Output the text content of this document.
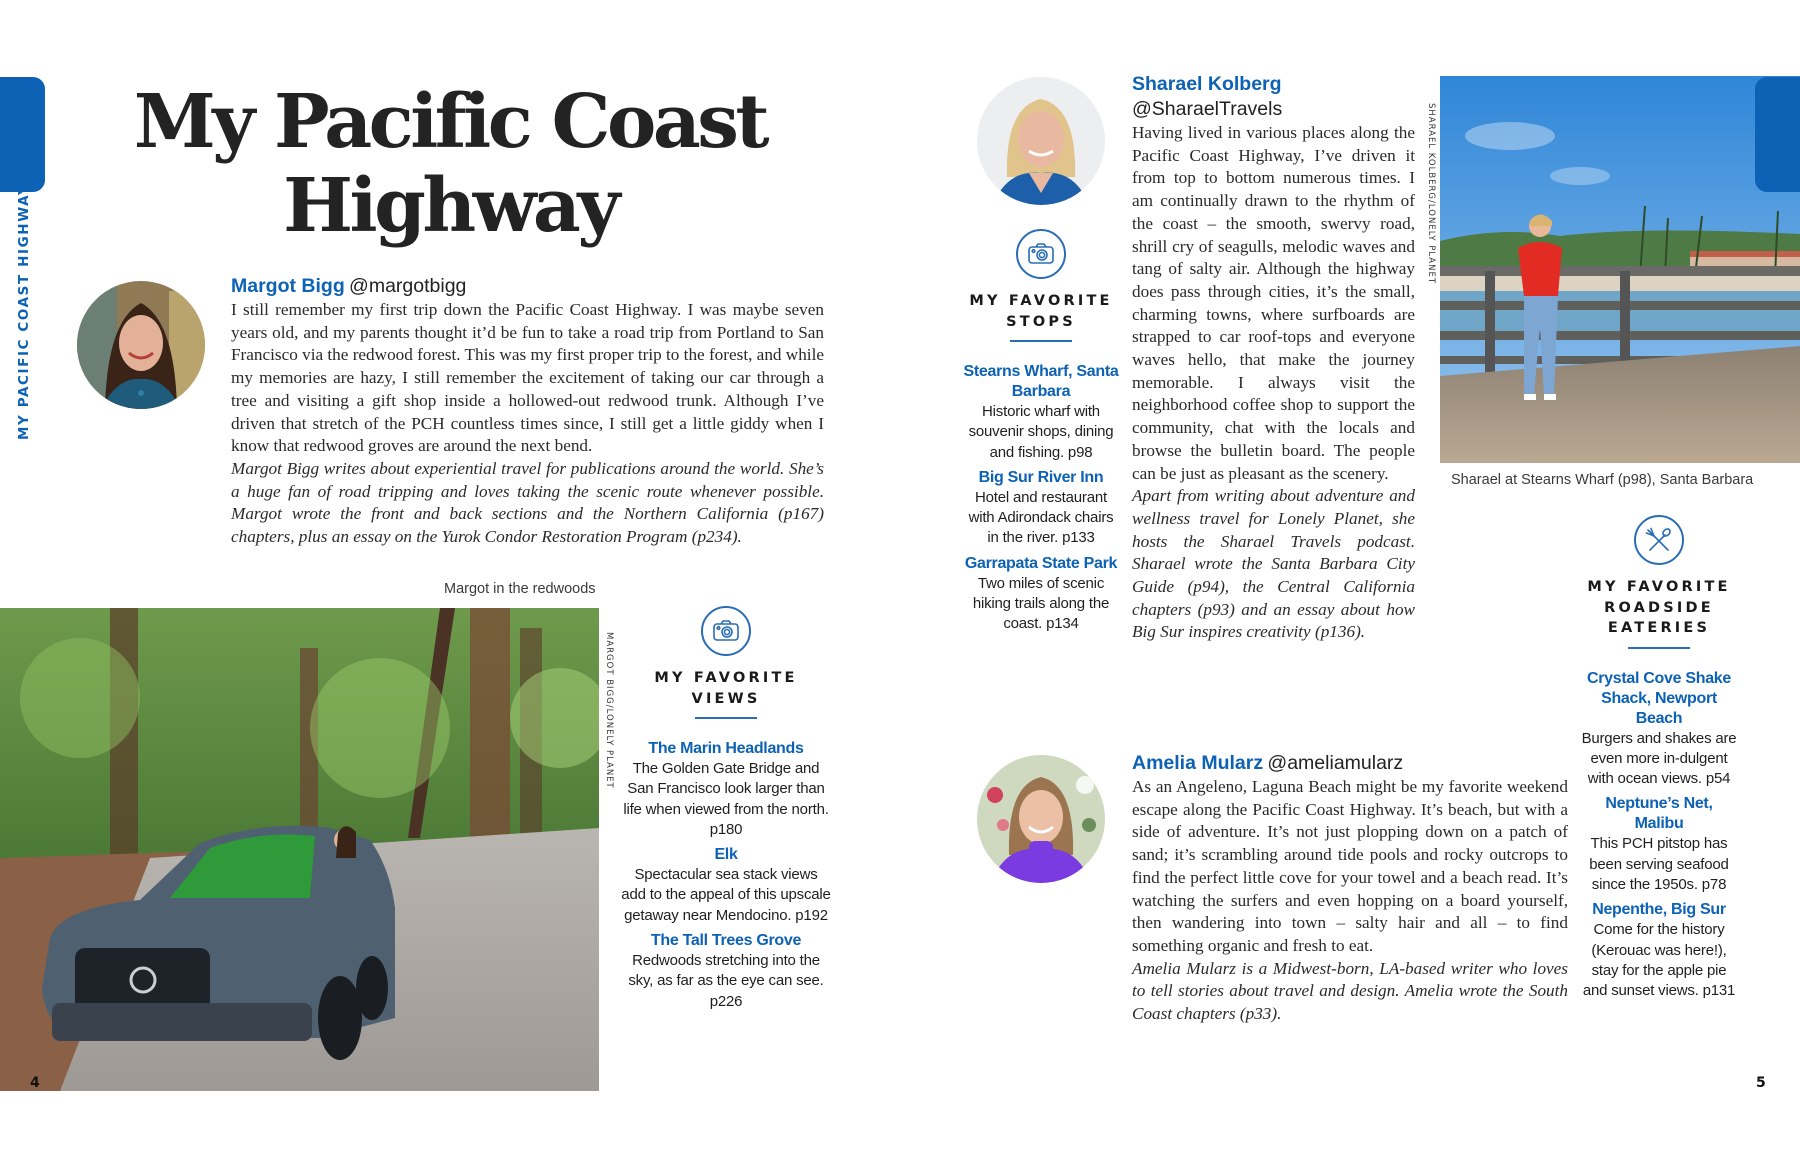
MY PACIFIC COAST HIGHWAY
My Pacific Coast
Highway
Margot Bigg @margotbigg
I still remember my first trip down the Pacific Coast Highway. I was maybe seven years old, and my parents thought it’d be fun to take a road trip from Portland to San Francisco via the redwood forest. This was my first proper trip to the forest, and while my memories are hazy, I still remember the excitement of taking our car through a tree and visiting a gift shop inside a hollowed-out redwood trunk. Although I’ve driven that stretch of the PCH countless times since, I still get a little giddy when I know that redwood groves are around the next bend.
Margot Bigg writes about experiential travel for publications around the world. She’s a huge fan of road tripping and loves taking the scenic route whenever possible. Margot wrote the front and back sections and the Northern California (p167) chapters, plus an essay on the Yurok Condor Restoration Program (p234).
Margot in the redwoods
MARGOT BIGG/LONELY PLANET
4
MY FAVORITE
VIEWS
The Marin Headlands
The Golden Gate Bridge and San Francisco look larger than life when viewed from the north. p180
Elk
Spectacular sea stack views add to the appeal of this upscale getaway near Mendocino. p192
The Tall Trees Grove
Redwoods stretching into the sky, as far as the eye can see. p226
Sharael Kolberg
@SharaelTravels
Having lived in various places along the Pacific Coast Highway, I’ve driven it from top to bottom numerous times. I am continually drawn to the rhythm of the coast – the smooth, swervy road, shrill cry of seagulls, melodic waves and tang of salty air. Although the highway does pass through cities, it’s the small, charming towns, where surfboards are strapped to car roof-tops and everyone waves hello, that make the journey memorable. I always visit the neighborhood coffee shop to support the community, chat with the locals and browse the bulletin board. The people can be just as pleasant as the scenery.
Apart from writing about adventure and wellness travel for Lonely Planet, she hosts the Sharael Travels podcast. Sharael wrote the Santa Barbara City Guide (p94), the Central California chapters (p93) and an essay about how Big Sur inspires creativity (p136).
MY FAVORITE
STOPS
Stearns Wharf, Santa Barbara
Historic wharf with souvenir shops, dining and fishing. p98
Big Sur River Inn
Hotel and restaurant with Adirondack chairs in the river. p133
Garrapata State Park
Two miles of scenic hiking trails along the coast. p134
SHARAEL KOLBERG/LONELY PLANET
Sharael at Stearns Wharf (p98), Santa Barbara
MY FAVORITE
ROADSIDE
EATERIES
Crystal Cove Shake Shack, Newport Beach
Burgers and shakes are even more in-dulgent with ocean views. p54
Neptune’s Net, Malibu
This PCH pitstop has been serving seafood since the 1950s. p78
Nepenthe, Big Sur
Come for the history (Kerouac was here!), stay for the apple pie and sunset views. p131
Amelia Mularz @ameliamularz
As an Angeleno, Laguna Beach might be my favorite weekend escape along the Pacific Coast Highway. It’s beach, but with a side of adventure. It’s not just plopping down on a patch of sand; it’s scrambling around tide pools and rocky outcrops to find the perfect little cove for your towel and a beach read. It’s watching the surfers and even hopping on a board yourself, then wandering into town – salty hair and all – to find something organic and fresh to eat.
Amelia Mularz is a Midwest-born, LA-based writer who loves to tell stories about travel and design. Amelia wrote the South Coast chapters (p33).
5
